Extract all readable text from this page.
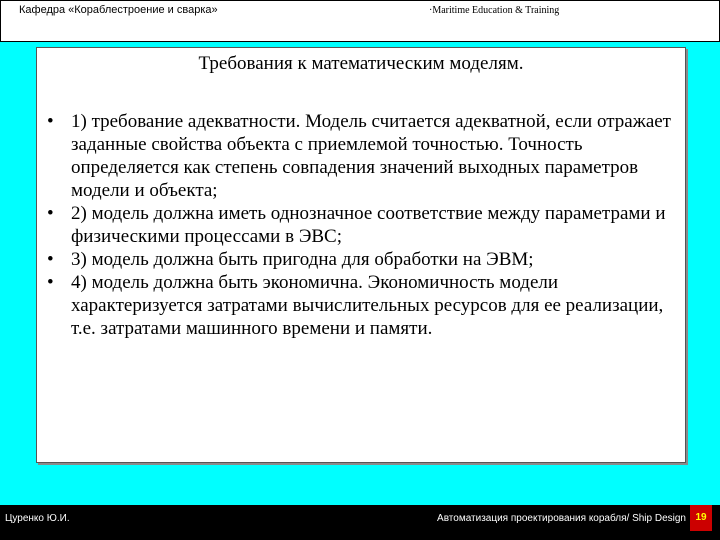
Кафедра «Кораблестроение и сварка»	·Maritime Education & Training
Требования к математическим моделям.
• 1) требование адекватности. Модель считается адекватной, если отражает заданные свойства объекта с приемлемой точностью. Точность определяется как степень совпадения значений выходных параметров модели и объекта;
• 2) модель должна иметь однозначное соответствие между параметрами и физическими процессами в ЭВС;
• 3) модель должна быть пригодна для обработки на ЭВМ;
• 4) модель должна быть экономична. Экономичность модели характеризуется затратами вычислительных ресурсов для ее реализации, т.е. затратами машинного времени и памяти.
Цуренко Ю.И.	Автоматизация проектирования корабля/ Ship Design 19
